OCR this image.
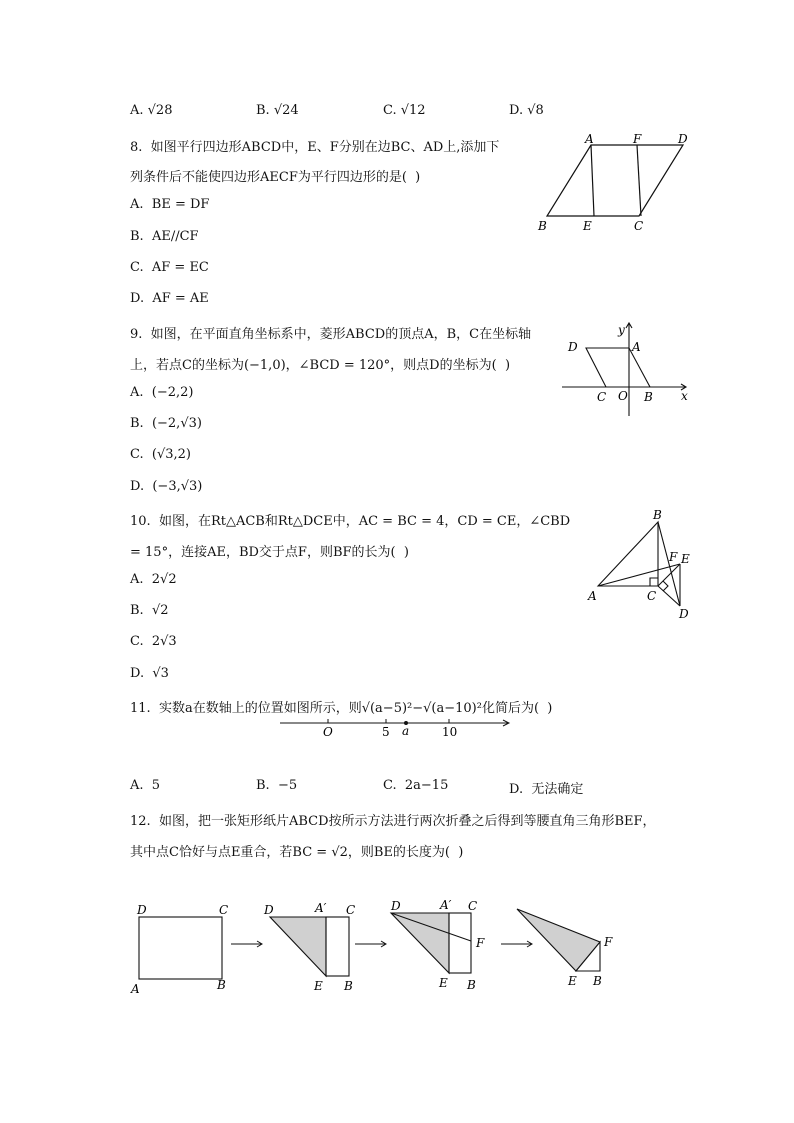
A. √28	B. √24	C. √12	D. √8
8.  如图平行四边形ABCD中，E、F分别在边BC、AD上,添加下
列条件后不能使四边形AECF为平行四边形的是(  )
A.  BE = DF
B.  AE//CF
C.  AF = EC
D.  AF = AE
A	F	D
B	E	C
9.  如图，在平面直角坐标系中，菱形ABCD的顶点A，B，C在坐标轴
上，若点C的坐标为(−1,0)，∠BCD = 120°，则点D的坐标为(  )
A.  (−2,2)
B.  (−2,√3)
C.  (√3,2)
D.  (−3,√3)
y
x
D	A
C O B
10.  如图，在Rt△ACB和Rt△DCE中，AC = BC = 4，CD = CE，∠CBD
= 15°，连接AE，BD交于点F，则BF的长为(  )
A.  2√2
B.  √2
C.  2√3
D.  √3
B
F E
A	C
D
11.  实数a在数轴上的位置如图所示，则√(a−5)²−√(a−10)²化简后为(  )
O	5 a	10
A.  5	B.  −5	C.  2a−15	D.  无法确定
12.  如图，把一张矩形纸片ABCD按所示方法进行两次折叠之后得到等腰直角三角形BEF，
其中点C恰好与点E重合，若BC = √2，则BE的长度为(  )
D	C
A	B
D	A′ C
E B
D	A′ C
F
E B
F
E B
